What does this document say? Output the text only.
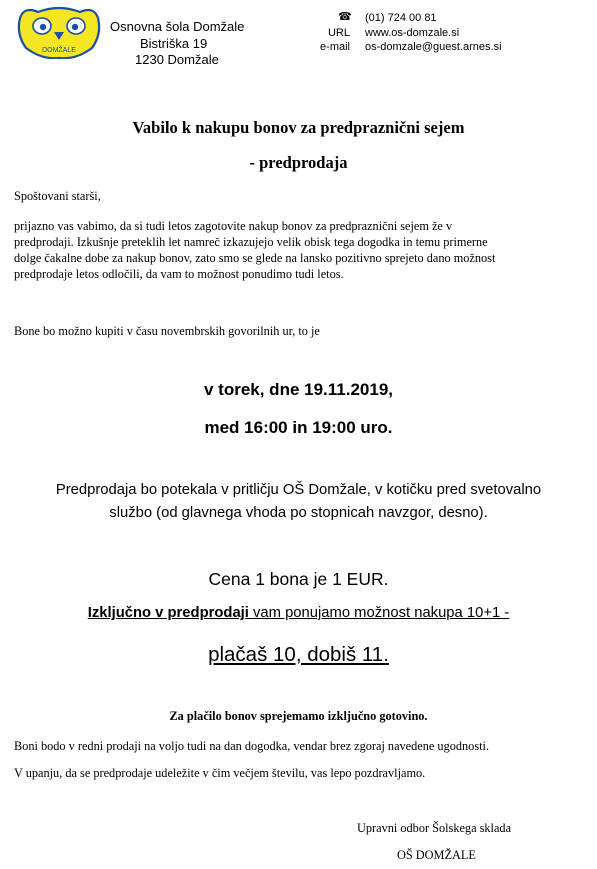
DOMŽALE
Osnovna šola Domžale
Bistriška 19
1230 Domžale
☎ (01) 724 00 81
URL www.os-domzale.si
e-mail os-domzale@guest.arnes.si
Vabilo k nakupu bonov za predpraznični sejem
- predprodaja
Spoštovani starši,
prijazno vas vabimo, da si tudi letos zagotovite nakup bonov za predpraznični sejem že v
predprodaji. Izkušnje preteklih let namreč izkazujejo velik obisk tega dogodka in temu primerne
dolge čakalne dobe za nakup bonov, zato smo se glede na lansko pozitivno sprejeto dano možnost
predprodaje letos odločili, da vam to možnost ponudimo tudi letos.
Bone bo možno kupiti v času novembrskih govorilnih ur, to je
v torek, dne 19.11.2019,
med 16:00 in 19:00 uro.
Predprodaja bo potekala v pritličju OŠ Domžale, v kotičku pred svetovalno
službo (od glavnega vhoda po stopnicah navzgor, desno).
Cena 1 bona je 1 EUR.
Izključno v predprodaji vam ponujamo možnost nakupa 10+1 -
plačaš 10, dobiš 11.
Za plačilo bonov sprejemamo izključno gotovino.
Boni bodo v redni prodaji na voljo tudi na dan dogodka, vendar brez zgoraj navedene ugodnosti.
V upanju, da se predprodaje udeležite v čim večjem številu, vas lepo pozdravljamo.
Upravni odbor Šolskega sklada
OŠ DOMŽALE
